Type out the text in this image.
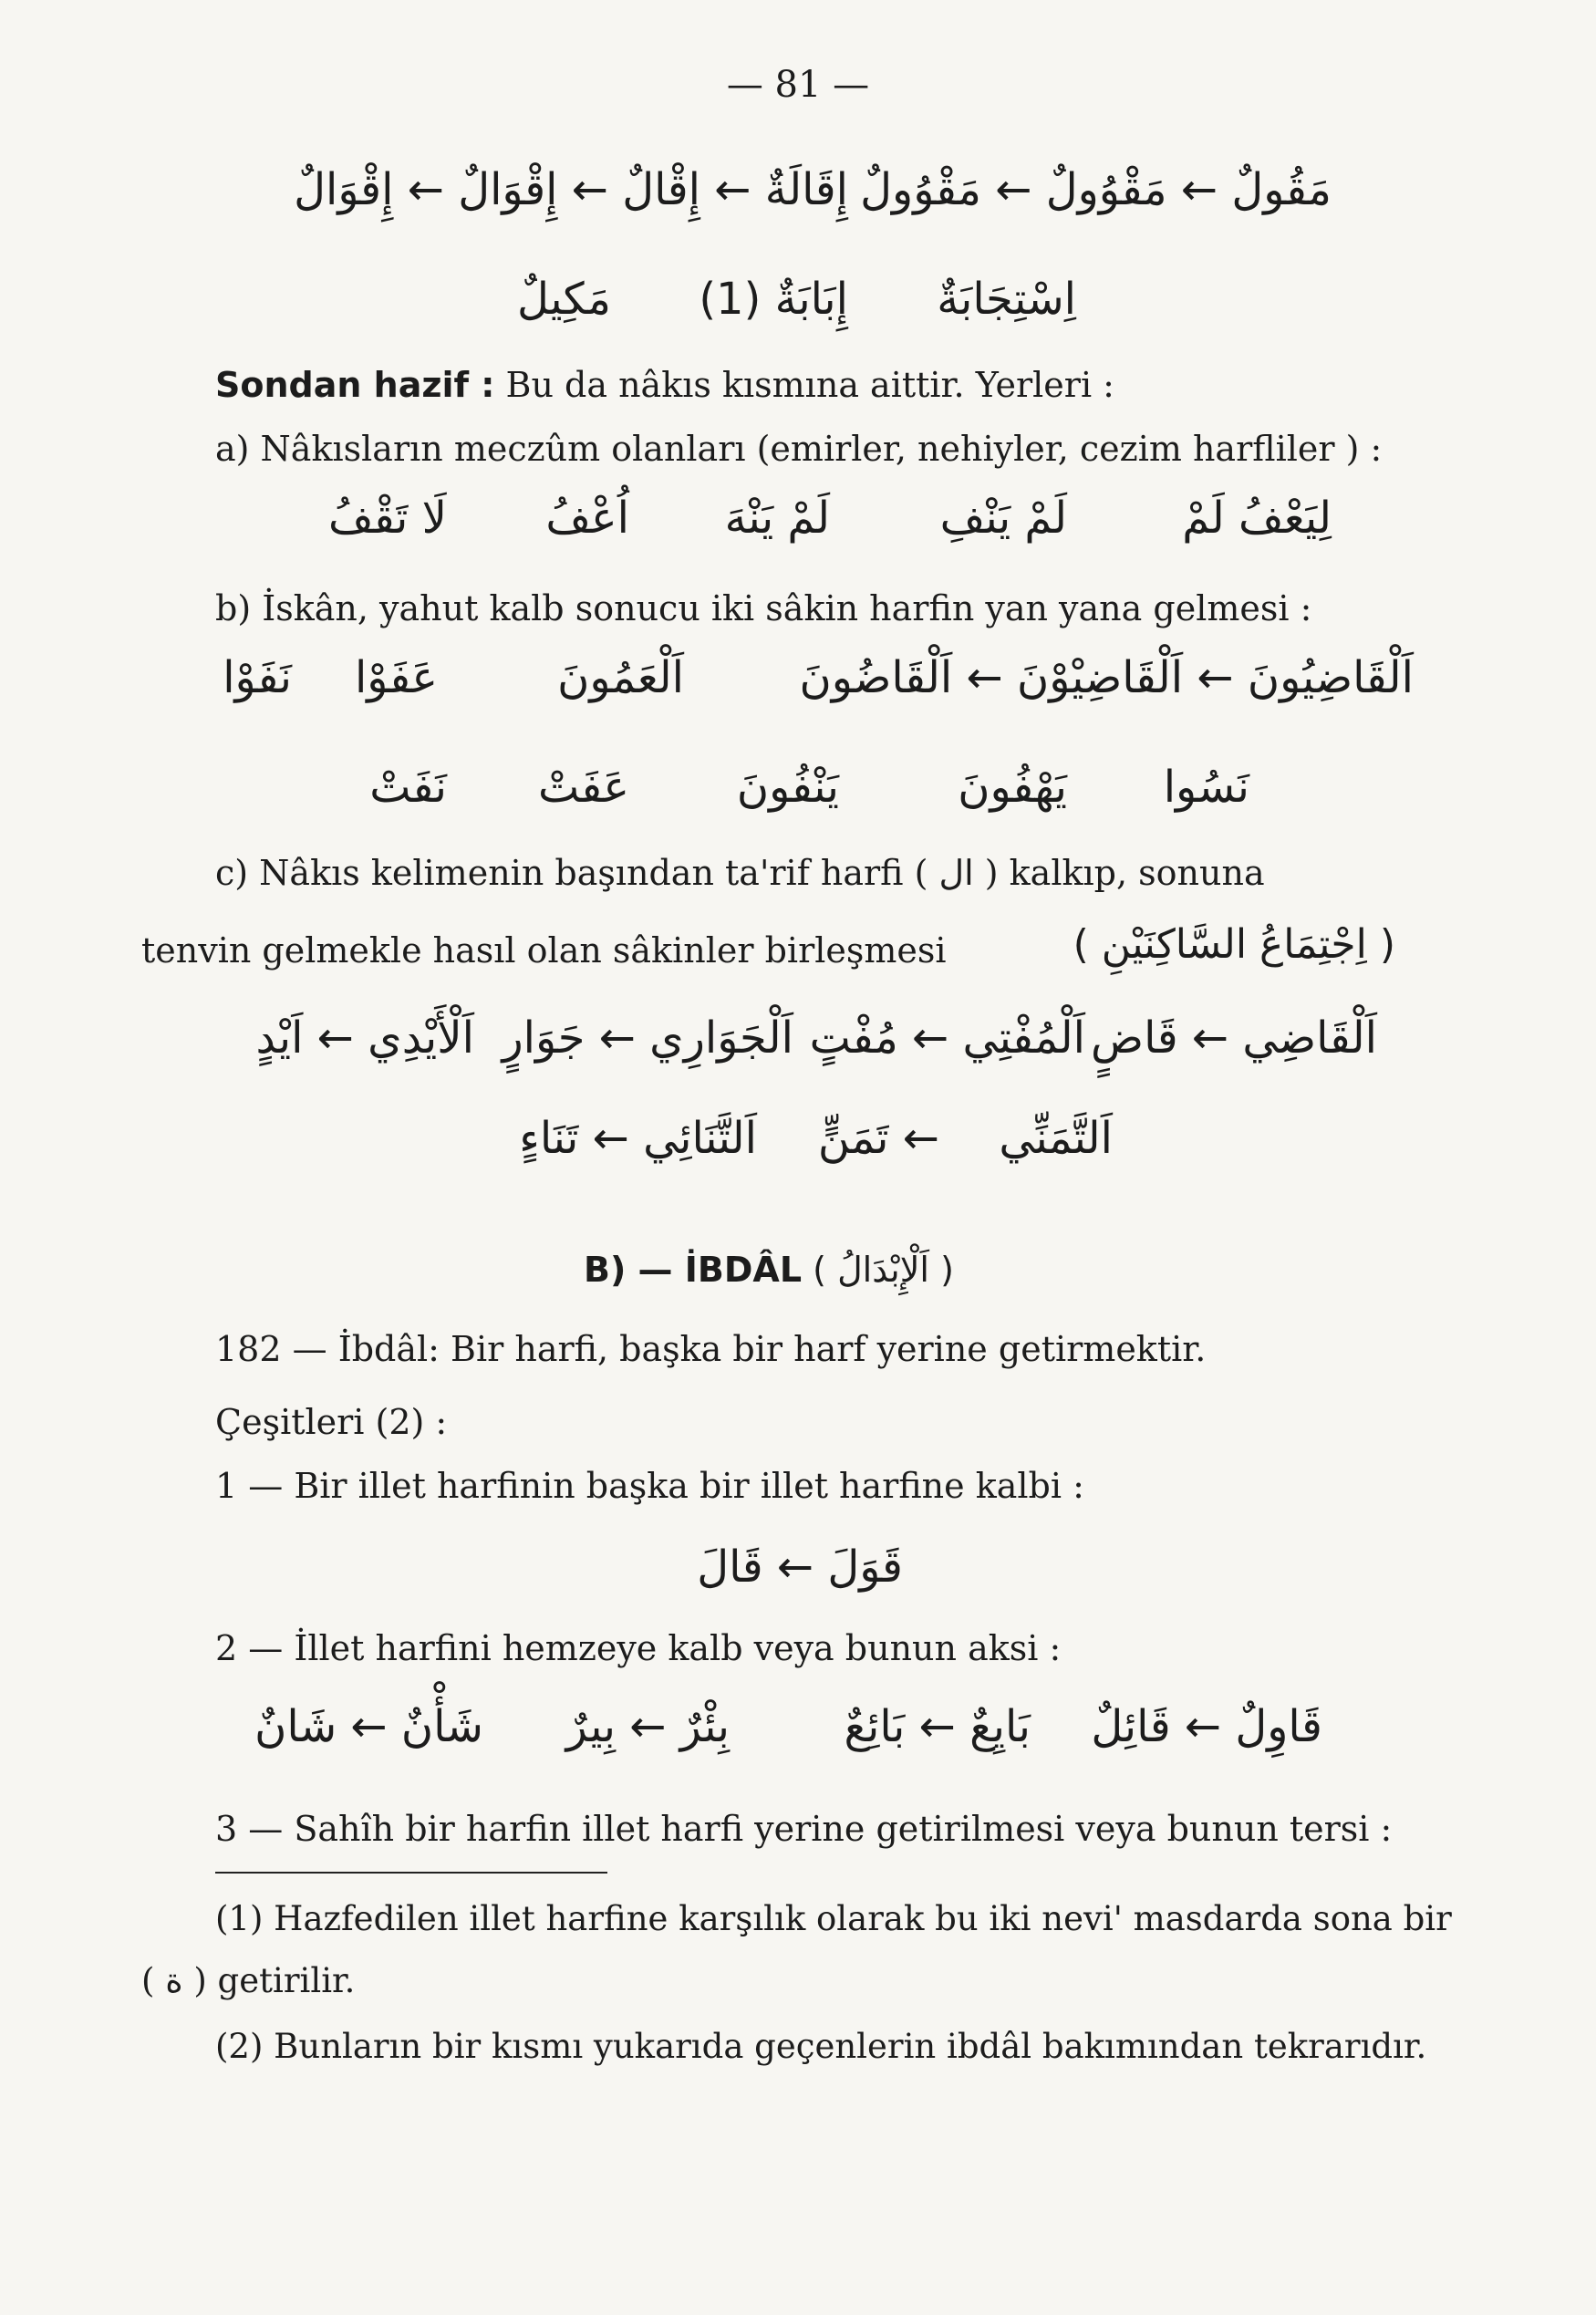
— 81 —
مَقُولٌ ← مَقْوُولٌ ← مَقْوُولٌ
إِقَالَةٌ ← إِقْالٌ ← إِقْوَالٌ ← إِقْوَالٌ
اِسْتِجَابَةٌ
إِبَابَةٌ (1)
مَكِيلٌ
Sondan hazif : Bu da nâkıs kısmına aittir. Yerleri :
a) Nâkısların meczûm olanları (emirler, nehiyler, cezim harfliler ) :
لِيَعْفُ لَمْ
لَمْ يَنْفِ
لَمْ يَنْهَ
اُعْفُ
لَا تَقْفُ
b) İskân, yahut kalb sonucu iki sâkin harfin yan yana gelmesi :
اَلْقَاضِيُونَ ← اَلْقَاضِيْوْنَ ← اَلْقَاضُونَ
اَلْعَمُونَ
عَفَوْا
نَفَوْا
نَسُوا
يَهْفُونَ
يَنْفُونَ
عَفَتْ
نَفَتْ
c) Nâkıs kelimenin başından ta'rif harfi ( ال ) kalkıp, sonuna
tenvin gelmekle hasıl olan sâkinler birleşmesi	( اِجْتِمَاعُ السَّاكِنَيْنِ )
اَلْقَاضِي ← قَاضٍ
اَلْمُفْتِي ← مُفْتٍ
اَلْجَوَارِي ← جَوَارٍ
اَلْأَيْدِي ← اَيْدٍ
اَلتَّمَنِّي
← تَمَنٍّ
اَلتَّنَائِي ← تَنَاءٍ
B) — İBDÂL ( اَلْإِبْدَالُ )
182 — İbdâl: Bir harfi, başka bir harf yerine getirmektir.
Çeşitleri (2) :
1 — Bir illet harfinin başka bir illet harfine kalbi :
قَوَلَ ← قَالَ
2 — İllet harfini hemzeye kalb veya bunun aksi :
قَاوِلٌ ← قَائِلٌ
بَايِعٌ ← بَائِعٌ
بِئْرٌ ← بِيرٌ
شَأْنٌ ← شَانٌ
3 — Sahîh bir harfin illet harfi yerine getirilmesi veya bunun tersi :
(1) Hazfedilen illet harfine karşılık olarak bu iki nevi' masdarda sona bir ( ة ) getirilir.
(2) Bunların bir kısmı yukarıda geçenlerin ibdâl bakımından tekrarıdır.
